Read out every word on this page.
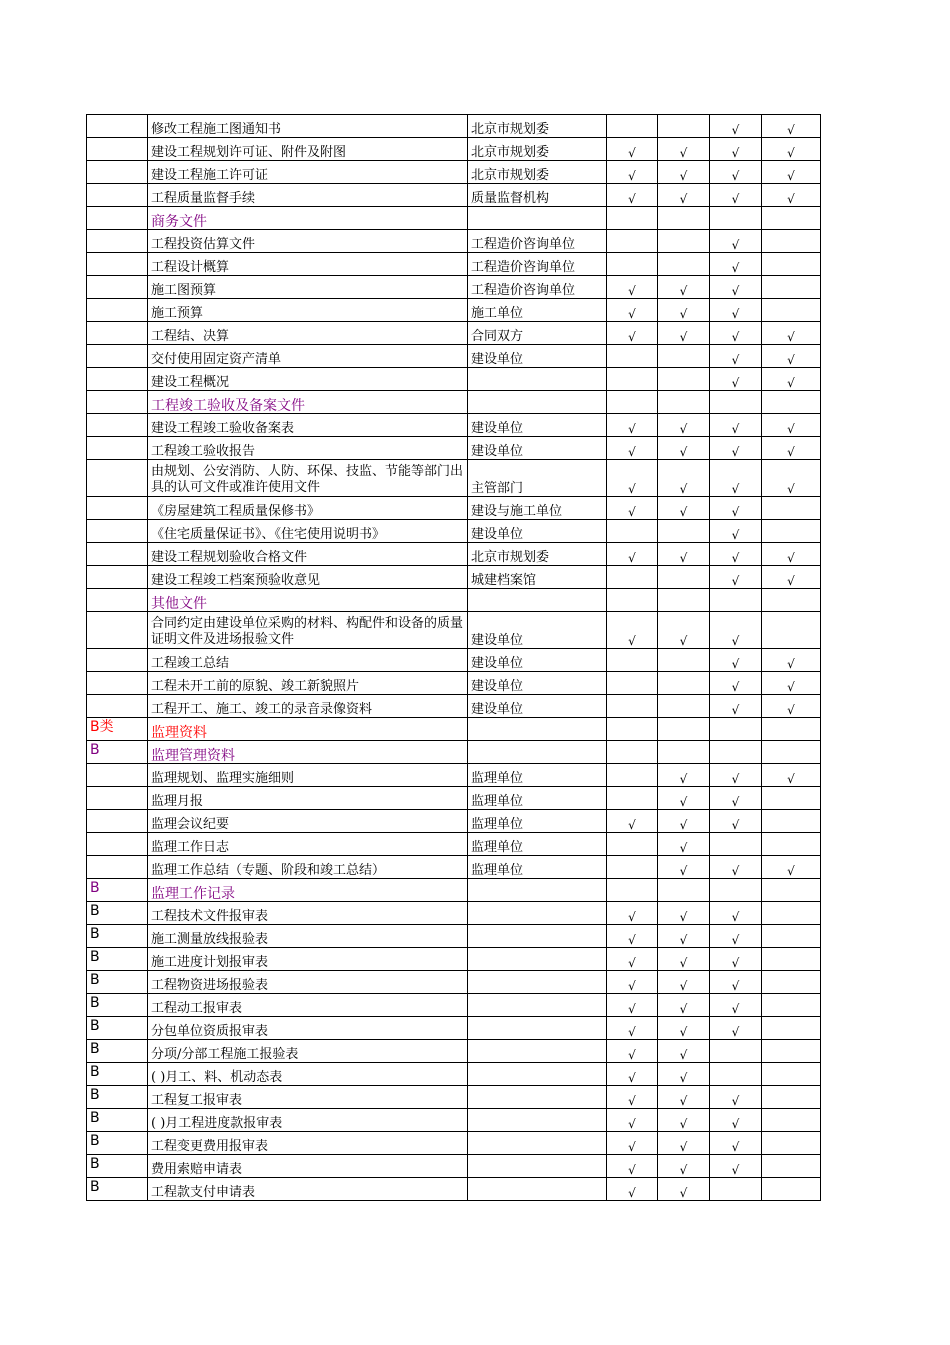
	修改工程施工图通知书	北京市规划委			√	√
	建设工程规划许可证、附件及附图	北京市规划委	√	√	√	√
	建设工程施工许可证	北京市规划委	√	√	√	√
	工程质量监督手续	质量监督机构	√	√	√	√
	商务文件					
	工程投资估算文件	工程造价咨询单位			√	
	工程设计概算	工程造价咨询单位			√	
	施工图预算	工程造价咨询单位	√	√	√	
	施工预算	施工单位	√	√	√	
	工程结、决算	合同双方	√	√	√	√
	交付使用固定资产清单	建设单位			√	√
	建设工程概况				√	√
	工程竣工验收及备案文件					
	建设工程竣工验收备案表	建设单位	√	√	√	√
	工程竣工验收报告	建设单位	√	√	√	√
	由规划、公安消防、人防、环保、技监、节能等部门出具的认可文件或准许使用文件	主管部门	√	√	√	√
	《房屋建筑工程质量保修书》	建设与施工单位	√	√	√	
	《住宅质量保证书》、《住宅使用说明书》	建设单位			√	
	建设工程规划验收合格文件	北京市规划委	√	√	√	√
	建设工程竣工档案预验收意见	城建档案馆			√	√
	其他文件					
	合同约定由建设单位采购的材料、构配件和设备的质量证明文件及进场报验文件	建设单位	√	√	√	
	工程竣工总结	建设单位			√	√
	工程未开工前的原貌、竣工新貌照片	建设单位			√	√
	工程开工、施工、竣工的录音录像资料	建设单位			√	√
B类	监理资料					
B	监理管理资料					
	监理规划、监理实施细则	监理单位		√	√	√
	监理月报	监理单位		√	√	
	监理会议纪要	监理单位	√	√	√	
	监理工作日志	监理单位		√		
	监理工作总结（专题、阶段和竣工总结）	监理单位		√	√	√
B	监理工作记录					
B	工程技术文件报审表		√	√	√	
B	施工测量放线报验表		√	√	√	
B	施工进度计划报审表		√	√	√	
B	工程物资进场报验表		√	√	√	
B	工程动工报审表		√	√	√	
B	分包单位资质报审表		√	√	√	
B	分项/分部工程施工报验表		√	√		
B	( )月工、料、机动态表		√	√		
B	工程复工报审表		√	√	√	
B	( )月工程进度款报审表		√	√	√	
B	工程变更费用报审表		√	√	√	
B	费用索赔申请表		√	√	√	
B	工程款支付申请表		√	√		
